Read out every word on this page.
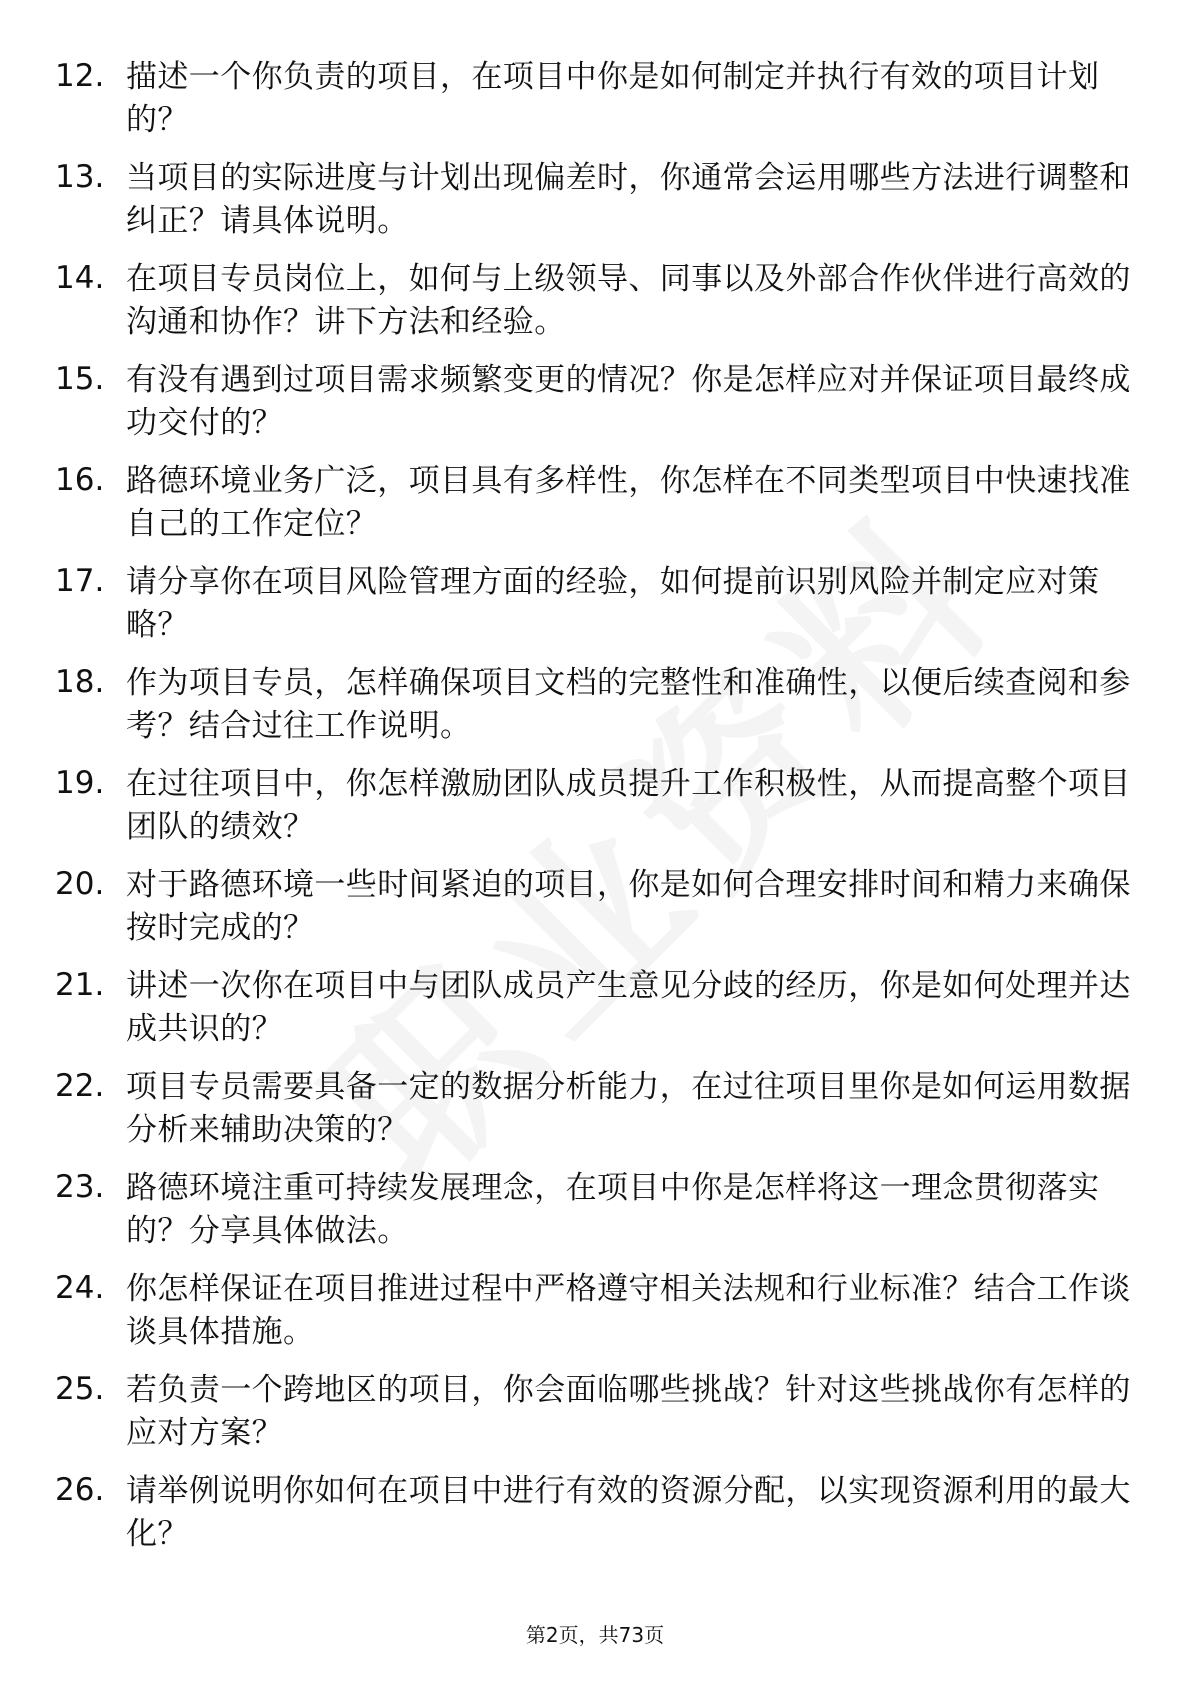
12. 描述一个你负责的项目，在项目中你是如何制定并执行有效的项目计划的？
13. 当项目的实际进度与计划出现偏差时，你通常会运用哪些方法进行调整和纠正？请具体说明。
14. 在项目专员岗位上，如何与上级领导、同事以及外部合作伙伴进行高效的沟通和协作？讲下方法和经验。
15. 有没有遇到过项目需求频繁变更的情况？你是怎样应对并保证项目最终成功交付的？
16. 路德环境业务广泛，项目具有多样性，你怎样在不同类型项目中快速找准自己的工作定位？
17. 请分享你在项目风险管理方面的经验，如何提前识别风险并制定应对策略？
18. 作为项目专员，怎样确保项目文档的完整性和准确性，以便后续查阅和参考？结合过往工作说明。
19. 在过往项目中，你怎样激励团队成员提升工作积极性，从而提高整个项目团队的绩效？
20. 对于路德环境一些时间紧迫的项目，你是如何合理安排时间和精力来确保按时完成的？
21. 讲述一次你在项目中与团队成员产生意见分歧的经历，你是如何处理并达成共识的？
22. 项目专员需要具备一定的数据分析能力，在过往项目里你是如何运用数据分析来辅助决策的？
23. 路德环境注重可持续发展理念，在项目中你是怎样将这一理念贯彻落实的？分享具体做法。
24. 你怎样保证在项目推进过程中严格遵守相关法规和行业标准？结合工作谈谈具体措施。
25. 若负责一个跨地区的项目，你会面临哪些挑战？针对这些挑战你有怎样的应对方案？
26. 请举例说明你如何在项目中进行有效的资源分配，以实现资源利用的最大化？
第2页，共73页
